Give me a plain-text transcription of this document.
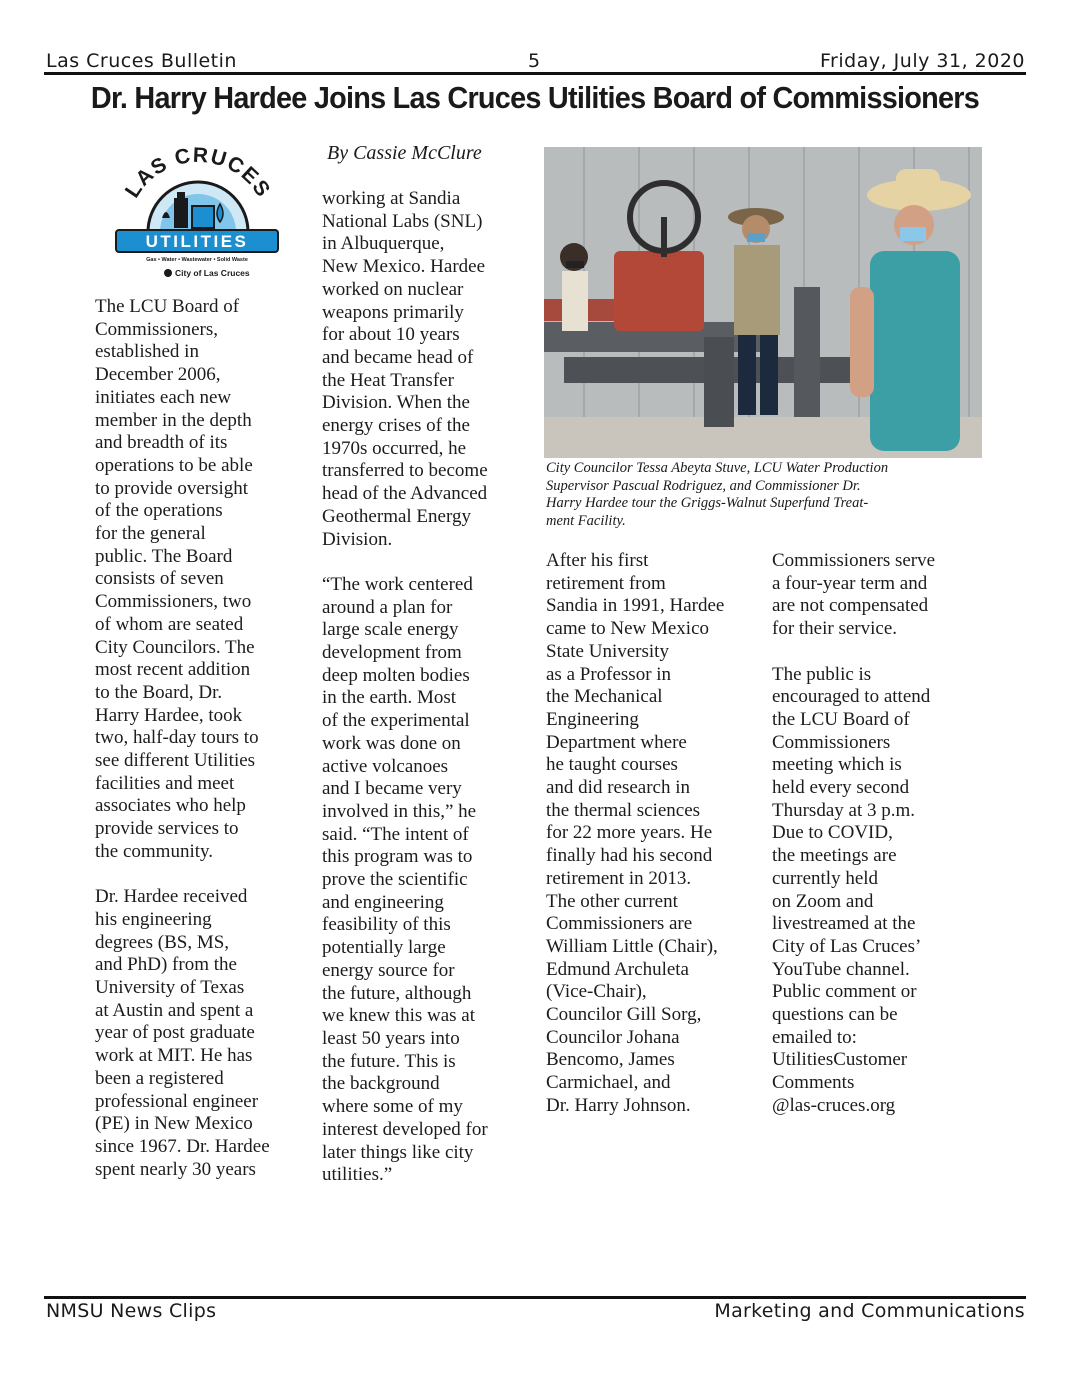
Las Cruces Bulletin	5	Friday, July 31, 2020
Dr. Harry Hardee Joins Las Cruces Utilities Board of Commissioners
LAS CRUCES
UTILITIES
Gas • Water • Wastewater • Solid Waste
City of Las Cruces
By Cassie McClure
City Councilor Tessa Abeyta Stuve, LCU Water Production
Supervisor Pascual Rodriguez, and Commissioner Dr.
Harry Hardee tour the Griggs-Walnut Superfund Treat-
ment Facility.

The LCU Board of
Commissioners,
established in
December 2006,
initiates each new
member in the depth
and breadth of its
operations to be able
to provide oversight
of the operations
for the general
public. The Board
consists of seven
Commissioners, two
of whom are seated
City Councilors. The
most recent addition
to the Board, Dr.
Harry Hardee, took
two, half-day tours to
see different Utilities
facilities and meet
associates who help
provide services to
the community.

Dr. Hardee received
his engineering
degrees (BS, MS,
and PhD) from the
University of Texas
at Austin and spent a
year of post graduate
work at MIT. He has
been a registered
professional engineer
(PE) in New Mexico
since 1967. Dr. Hardee
spent nearly 30 years

working at Sandia
National Labs (SNL)
in Albuquerque,
New Mexico. Hardee
worked on nuclear
weapons primarily
for about 10 years
and became head of
the Heat Transfer
Division. When the
energy crises of the
1970s occurred, he
transferred to become
head of the Advanced
Geothermal Energy
Division.

“The work centered
around a plan for
large scale energy
development from
deep molten bodies
in the earth. Most
of the experimental
work was done on
active volcanoes
and I became very
involved in this,” he
said. “The intent of
this program was to
prove the scientific
and engineering
feasibility of this
potentially large
energy source for
the future, although
we knew this was at
least 50 years into
the future. This is
the background
where some of my
interest developed for
later things like city
utilities.”

After his first
retirement from
Sandia in 1991, Hardee
came to New Mexico
State University
as a Professor in
the Mechanical
Engineering
Department where
he taught courses
and did research in
the thermal sciences
for 22 more years. He
finally had his second
retirement in 2013.
The other current
Commissioners are
William Little (Chair),
Edmund Archuleta
(Vice-Chair),
Councilor Gill Sorg,
Councilor Johana
Bencomo, James
Carmichael, and
Dr. Harry Johnson.

Commissioners serve
a four-year term and
are not compensated
for their service.

The public is
encouraged to attend
the LCU Board of
Commissioners
meeting which is
held every second
Thursday at 3 p.m.
Due to COVID,
the meetings are
currently held
on Zoom and
livestreamed at the
City of Las Cruces’
YouTube channel.
Public comment or
questions can be
emailed to:
UtilitiesCustomer
Comments
@las-cruces.org

NMSU News Clips	Marketing and Communications
